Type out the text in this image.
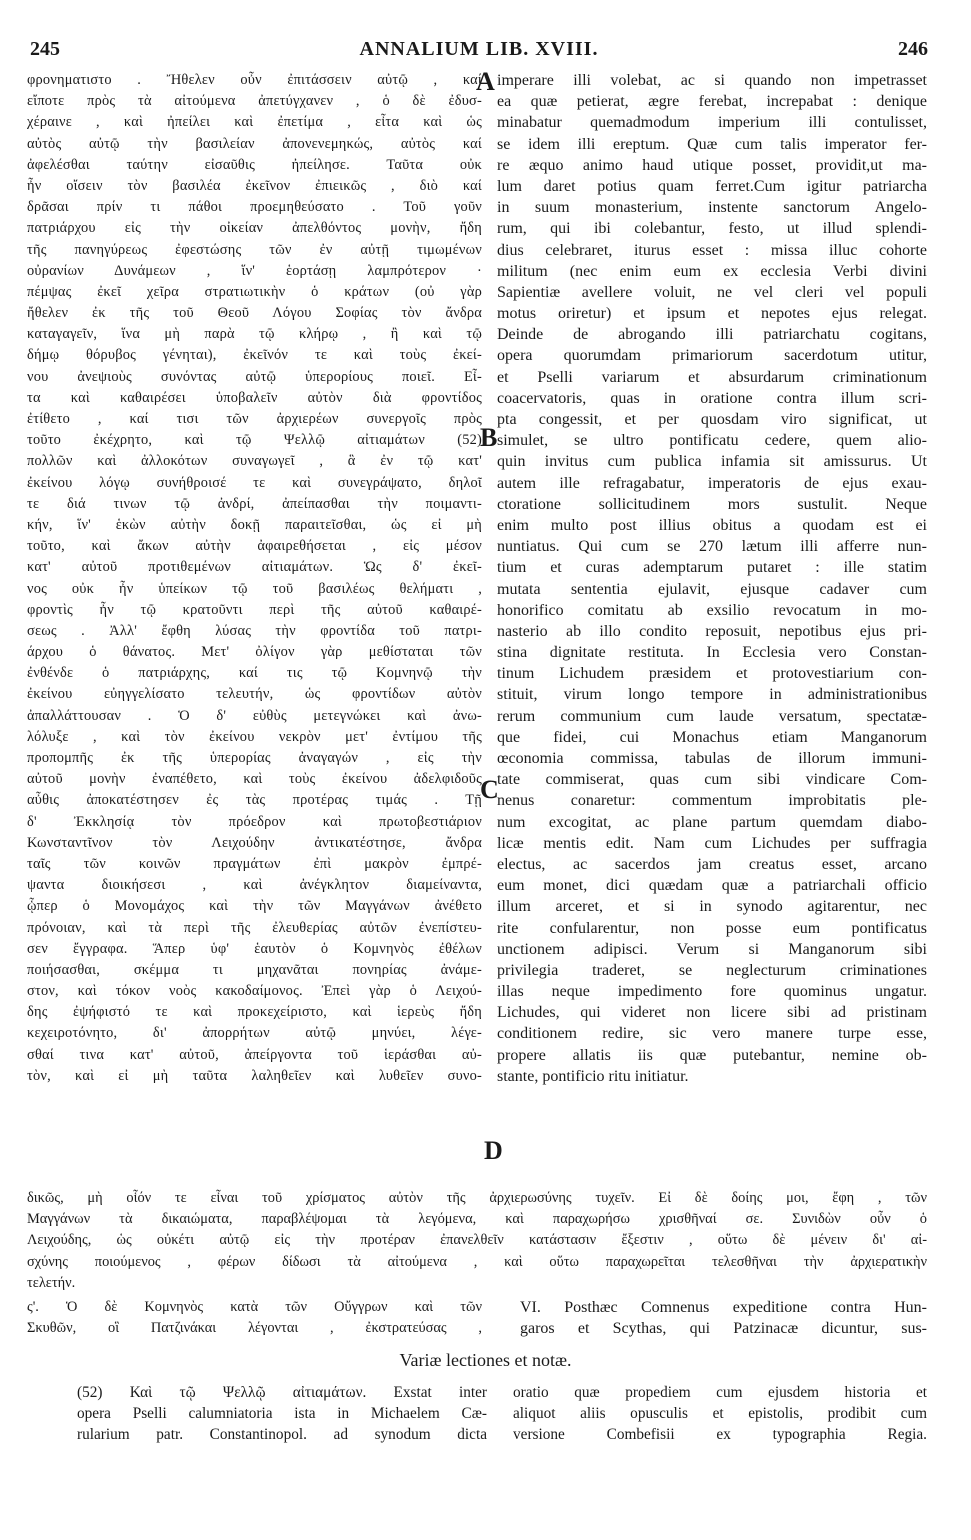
245	ANNALIUM LIB. XVIII.	246
φρονηματιστο . Ἤθελεν οὖν ἐπιτάσσειν αὐτῷ , καί
εἴποτε πρὸς τὰ αἰτούμενα ἀπετύγχανεν , ὁ δὲ ἐδυσ-
χέραινε , καὶ ἠπείλει καὶ ἐπετίμα , εἶτα καὶ ὡς
αὐτὸς αὐτῷ τὴν βασιλείαν ἀπονενεμηκώς, αὐτὸς καί
ἀφελέσθαι ταύτην εἰσαῦθις ἠπείλησε. Ταῦτα οὐκ
ἦν οἴσειν τὸν βασιλέα ἐκεῖνον ἐπιεικῶς , διὸ καί
δρᾶσαι πρίν τι πάθοι προεμηθεύσατο . Τοῦ γοῦν
πατριάρχου εἰς τὴν οἰκείαν ἀπελθόντος μονὴν, ἤδη
τῆς πανηγύρεως ἐφεστώσης τῶν ἐν αὐτῇ τιμωμένων
οὐρανίων Δυνάμεων , ἵν' ἑορτάσῃ λαμπρότερον ·
πέμψας ἐκεῖ χεῖρα στρατιωτικὴν ὁ κράτων (οὐ γὰρ
ἤθελεν ἐκ τῆς τοῦ Θεοῦ Λόγου Σοφίας τὸν ἄνδρα
καταγαγεῖν, ἵνα μὴ παρὰ τῷ κλήρῳ , ἢ καὶ τῷ
δήμῳ θόρυβος γένηται), ἐκεῖνόν τε καὶ τοὺς ἐκεί-
νου ἀνεψιοὺς συνόντας αὐτῷ ὑπερορίους ποιεῖ. Εἶ-
τα καὶ καθαιρέσει ὑποβαλεῖν αὐτὸν διὰ φροντίδος
ἐτίθετο , καί τισι τῶν ἀρχιερέων συνεργοῖς πρὸς
τοῦτο ἐκέχρητο, καὶ τῷ Ψελλῷ αἰτιαμάτων (52)
πολλῶν καὶ ἀλλοκότων συναγωγεῖ , ἃ ἐν τῷ κατ'
ἐκείνου λόγῳ συνήθροισέ τε καὶ συνεγράψατο, δηλοῖ
τε διά τινων τῷ ἀνδρί, ἀπείπασθαι τὴν ποιμαντι-
κήν, ἵν' ἑκὼν αὐτὴν δοκῇ παραιτεῖσθαι, ὡς εἰ μὴ
τοῦτο, καὶ ἄκων αὐτὴν ἀφαιρεθήσεται , εἰς μέσον
κατ' αὐτοῦ προτιθεμένων αἰτιαμάτων. Ὡς δ' ἐκεῖ-
νος οὐκ ἦν ὑπείκων τῷ τοῦ βασιλέως θελήματι ,
φροντὶς ἦν τῷ κρατοῦντι περὶ τῆς αὐτοῦ καθαιρέ-
σεως . Ἀλλ' ἔφθη λύσας τὴν φροντίδα τοῦ πατρι-
άρχου ὁ θάνατος. Μετ' ὀλίγον γὰρ μεθίσταται τῶν
ἐνθένδε ὁ πατριάρχης, καί τις τῷ Κομνηνῷ τὴν
ἐκείνου εὐηγγελίσατο τελευτήν, ὡς φροντίδων αὐτὸν
ἀπαλλάττουσαν . Ὁ δ' εὐθὺς μετεγνώκει καὶ ἀνω-
λόλυξε , καὶ τὸν ἐκείνου νεκρὸν μετ' ἐντίμου τῆς
προπομπῆς ἐκ τῆς ὑπερορίας ἀναγαγών , εἰς τὴν
αὐτοῦ μονὴν ἐναπέθετο, καὶ τοὺς ἐκείνου ἀδελφιδοῦς
αὖθις ἀποκατέστησεν ἐς τὰς προτέρας τιμάς . Τῇ
δ' Ἐκκλησίᾳ τὸν πρόεδρον καὶ πρωτοβεστιάριον
Κωνσταντῖνον τὸν Λειχούδην ἀντικατέστησε, ἄνδρα
ταῖς τῶν κοινῶν πραγμάτων ἐπὶ μακρὸν ἐμπρέ-
ψαντα διοικήσεσι , καὶ ἀνέγκλητον διαμείναντα,
ᾧπερ ὁ Μονομάχος καὶ τὴν τῶν Μαγγάνων ἀνέθετο
πρόνοιαν, καὶ τὰ περὶ τῆς ἐλευθερίας αὐτῶν ἐνεπίστευ-
σεν ἔγγραφα. Ἅπερ ὑφ' ἑαυτὸν ὁ Κομνηνὸς ἐθέλων
ποιήσασθαι, σκέμμα τι μηχανᾶται πονηρίας ἀνάμε-
στον, καὶ τόκον νοὸς κακοδαίμονος. Ἐπεὶ γὰρ ὁ Λειχού-
δης ἐψήφιστό τε καὶ προκεχείριστο, καὶ ἱερεὺς ἤδη
κεχειροτόνητο, δι' ἀπορρήτων αὐτῷ μηνύει, λέγε-
σθαί τινα κατ' αὐτοῦ, ἀπείργοντα τοῦ ἱεράσθαι αὐ-
τὸν, καὶ εἰ μὴ ταῦτα λαληθεῖεν καὶ λυθεῖεν συνο-
imperare illi volebat, ac si quando non impetrasset
ea quæ petierat, ægre ferebat, increpabat : denique
minabatur quemadmodum imperium illi contulisset,
se idem illi ereptum. Quæ cum talis imperator fer-
re æquo animo haud utique posset, providit,ut ma-
lum daret potius quam ferret.Cum igitur patriarcha
in suum monasterium, instente sanctorum Angelo-
rum, qui ibi colebantur, festo, ut illud splendi-
dius celebraret, iturus esset : missa illuc cohorte
militum (nec enim eum ex ecclesia Verbi divini
Sapientiæ avellere voluit, ne vel cleri vel populi
motus oriretur) et ipsum et nepotes ejus relegat.
Deinde de abrogando illi patriarchatu cogitans,
opera quorumdam primariorum sacerdotum utitur,
et Pselli variarum et absurdarum criminationum
coacervatoris, quas in oratione contra illum scri-
pta congessit, et per quosdam viro significat, ut
simulet, se ultro pontificatu cedere, quem alio-
quin invitus cum publica infamia sit amissurus. Ut
autem ille refragabatur, imperatoris de ejus exau-
ctoratione sollicitudinem mors sustulit. Neque
enim multo post illius obitus a quodam est ei
nuntiatus. Qui cum se 270 lætum illi afferre nun-
tium et curas ademptarum putaret : ille statim
mutata sententia ejulavit, ejusque cadaver cum
honorifico comitatu ab exsilio revocatum in mo-
nasterio ab illo condito reposuit, nepotibus ejus pri-
stina dignitate restituta. In Ecclesia vero Constan-
tinum Lichudem præsidem et protovestiarium con-
stituit, virum longo tempore in administrationibus
rerum communium cum laude versatum, spectatæ-
que fidei, cui Monachus etiam Manganorum
œconomia commissa, tabulas de illorum immuni-
tate commiserat, quas cum sibi vindicare Com-
nenus conaretur: commentum improbitatis ple-
num excogitat, ac plane partum quemdam diabo-
licæ mentis edit. Nam cum Lichudes per suffragia
electus, ac sacerdos jam creatus esset, arcano
eum monet, dici quædam quæ a patriarchali officio
illum arceret, et si in synodo agitarentur, nec
rite confularentur, non posse eum pontificatus
unctionem adipisci. Verum si Manganorum sibi
privilegia traderet, se neglecturum criminationes
illas neque impedimento fore quominus ungatur.
Lichudes, qui videret non licere sibi ad pristinam
conditionem redire, sic vero manere turpe esse,
propere allatis iis quæ putebantur, nemine ob-
stante, pontificio ritu initiatur.
A
B
C
D
δικῶς, μὴ οἷόν τε εἶναι τοῦ χρίσματος αὐτὸν τῆς ἀρχιερωσύνης τυχεῖν. Εἰ δὲ δοίης μοι, ἔφη , τῶν
Μαγγάνων τὰ δικαιώματα, παραβλέψομαι τὰ λεγόμενα, καὶ παραχωρήσω χρισθῆναί σε. Συνιδὼν οὖν ὁ
Λειχούδης, ὡς οὐκέτι αὐτῷ εἰς τὴν προτέραν ἐπανελθεῖν κατάστασιν ἔξεστιν , οὕτω δὲ μένειν δι' αἰ-
σχύνης ποιούμενος , φέρων δίδωσι τὰ αἰτούμενα , καὶ οὕτω παραχωρεῖται τελεσθῆναι τὴν ἀρχιερατικὴν
τελετήν.
ς'. Ὁ δὲ Κομνηνὸς κατὰ τῶν Οὔγγρων καὶ τῶν
Σκυθῶν, οἳ Πατζινάκαι λέγονται , ἐκστρατεύσας ,
VI. Posthæc Comnenus expeditione contra Hun-
garos et Scythas, qui Patzinacæ dicuntur, sus-
Variæ lectiones et notæ.
(52) Καὶ τῷ Ψελλῷ αἰτιαμάτων. Exstat inter
opera Pselli calumniatoria ista in Michaelem Cæ-
rularium patr. Constantinopol. ad synodum dicta
oratio quæ propediem cum ejusdem historia et
aliquot aliis opusculis et epistolis, prodibit cum
versione Combefisii ex typographia Regia.
